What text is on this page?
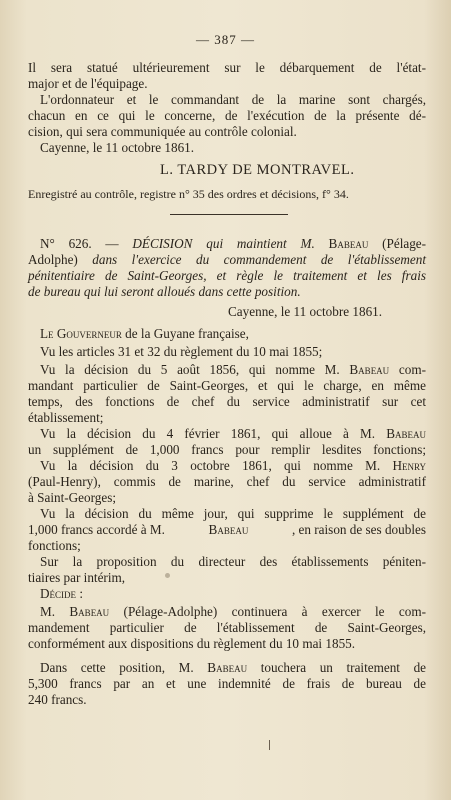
— 387 —
Il sera statué ultérieurement sur le débarquement de l'état-
major et de l'équipage.
L'ordonnateur et le commandant de la marine sont chargés,
chacun en ce qui le concerne, de l'exécution de la présente dé-
cision, qui sera communiquée au contrôle colonial.
Cayenne, le 11 octobre 1861.
L. TARDY DE MONTRAVEL.
Enregistré au contrôle, registre n° 35 des ordres et décisions, f° 34.
N° 626. — DÉCISION qui maintient M. Babeau (Pélage-
Adolphe) dans l'exercice du commandement de l'établissement
pénitentiaire de Saint-Georges, et règle le traitement et les frais
de bureau qui lui seront alloués dans cette position.
Cayenne, le 11 octobre 1861.
Le Gouverneur de la Guyane française,
Vu les articles 31 et 32 du règlement du 10 mai 1855;
Vu la décision du 5 août 1856, qui nomme M. Babeau com-
mandant particulier de Saint-Georges, et qui le charge, en même
temps, des fonctions de chef du service administratif sur cet
établissement;
Vu la décision du 4 février 1861, qui alloue à M. Babeau
un supplément de 1,000 francs pour remplir lesdites fonctions;
Vu la décision du 3 octobre 1861, qui nomme M. Henry
(Paul-Henry), commis de marine, chef du service administratif
à Saint-Georges;
Vu la décision du même jour, qui supprime le supplément de
1,000 francs accordé à M.	Babeau	, en raison de ses doubles
fonctions;
Sur la proposition du directeur des établissements péniten-
tiaires par intérim,
Décide :
M. Babeau (Pélage-Adolphe) continuera à exercer le com-
mandement particulier de l'établissement de Saint-Georges,
conformément aux dispositions du règlement du 10 mai 1855.
Dans cette position, M. Babeau touchera un traitement de
5,300 francs par an et une indemnité de frais de bureau de
240 francs.
